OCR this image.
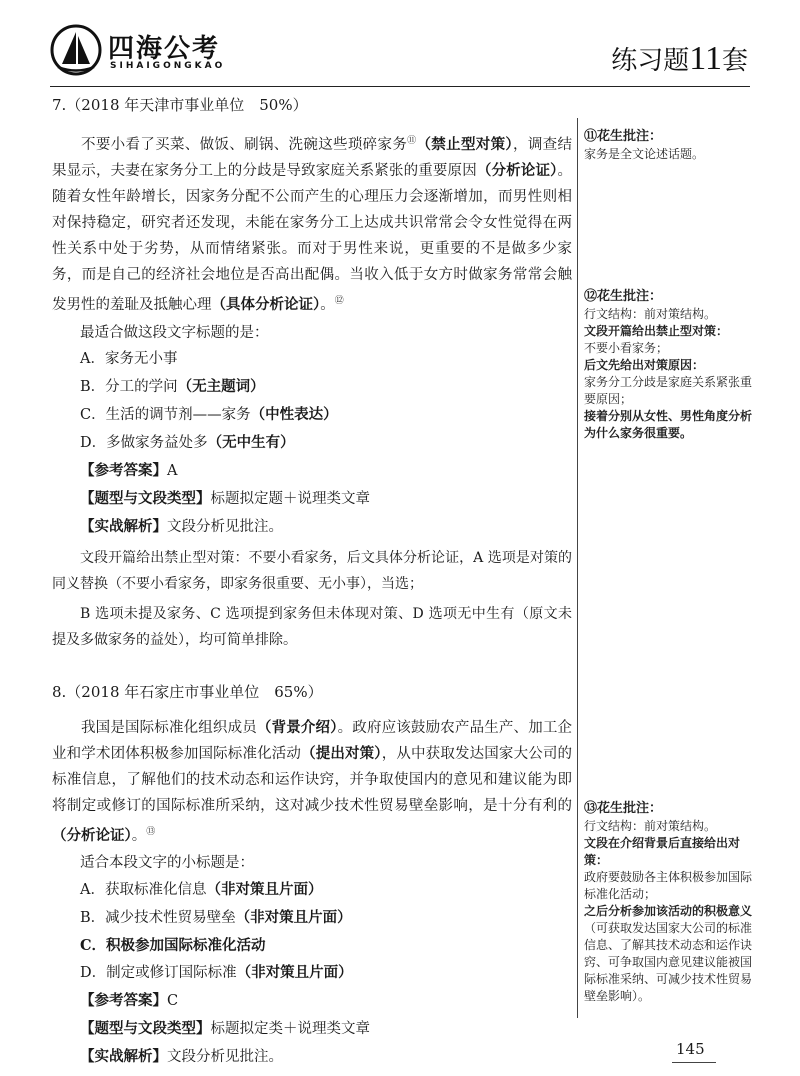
四海公考
SIHAIGONGKAO	练习题11套

7.（2018 年天津市事业单位　50%）

不要小看了买菜、做饭、刷锅、洗碗这些琐碎家务⑪（禁止型对策），调查结果显示，夫妻在家务分工上的分歧是导致家庭关系紧张的重要原因（分析论证）。随着女性年龄增长，因家务分配不公而产生的心理压力会逐渐增加，而男性则相对保持稳定，研究者还发现，未能在家务分工上达成共识常常会令女性觉得在两性关系中处于劣势，从而情绪紧张。而对于男性来说，更重要的不是做多少家务，而是自己的经济社会地位是否高出配偶。当收入低于女方时做家务常常会触发男性的羞耻及抵触心理（具体分析论证）。⑫

最适合做这段文字标题的是：
A．家务无小事
B．分工的学问（无主题词）
C．生活的调节剂——家务（中性表达）
D．多做家务益处多（无中生有）
【参考答案】A
【题型与文段类型】标题拟定题＋说理类文章
【实战解析】文段分析见批注。

文段开篇给出禁止型对策：不要小看家务，后文具体分析论证，A 选项是对策的同义替换（不要小看家务，即家务很重要、无小事），当选；

B 选项未提及家务、C 选项提到家务但未体现对策、D 选项无中生有（原文未提及多做家务的益处），均可简单排除。

8.（2018 年石家庄市事业单位　65%）

我国是国际标准化组织成员（背景介绍）。政府应该鼓励农产品生产、加工企业和学术团体积极参加国际标准化活动（提出对策），从中获取发达国家大公司的标准信息，了解他们的技术动态和运作诀窍，并争取使国内的意见和建议能为即将制定或修订的国际标准所采纳，这对减少技术性贸易壁垒影响，是十分有利的（分析论证）。⑬

适合本段文字的小标题是：
A．获取标准化信息（非对策且片面）
B．减少技术性贸易壁垒（非对策且片面）
C．积极参加国际标准化活动
D．制定或修订国际标准（非对策且片面）
【参考答案】C
【题型与文段类型】标题拟定类＋说理类文章
【实战解析】文段分析见批注。
⑪花生批注：
家务是全文论述话题。
⑫花生批注：
行文结构：前对策结构。
文段开篇给出禁止型对策：
不要小看家务；
后文先给出对策原因：
家务分工分歧是家庭关系紧张重要原因；
接着分别从女性、男性角度分析为什么家务很重要。
⑬花生批注：
行文结构：前对策结构。
文段在介绍背景后直接给出对策：
政府要鼓励各主体积极参加国际标准化活动；
之后分析参加该活动的积极意义
（可获取发达国家大公司的标准信息、了解其技术动态和运作诀窍、可争取国内意见建议能被国际标准采纳、可减少技术性贸易壁垒影响）。
145
